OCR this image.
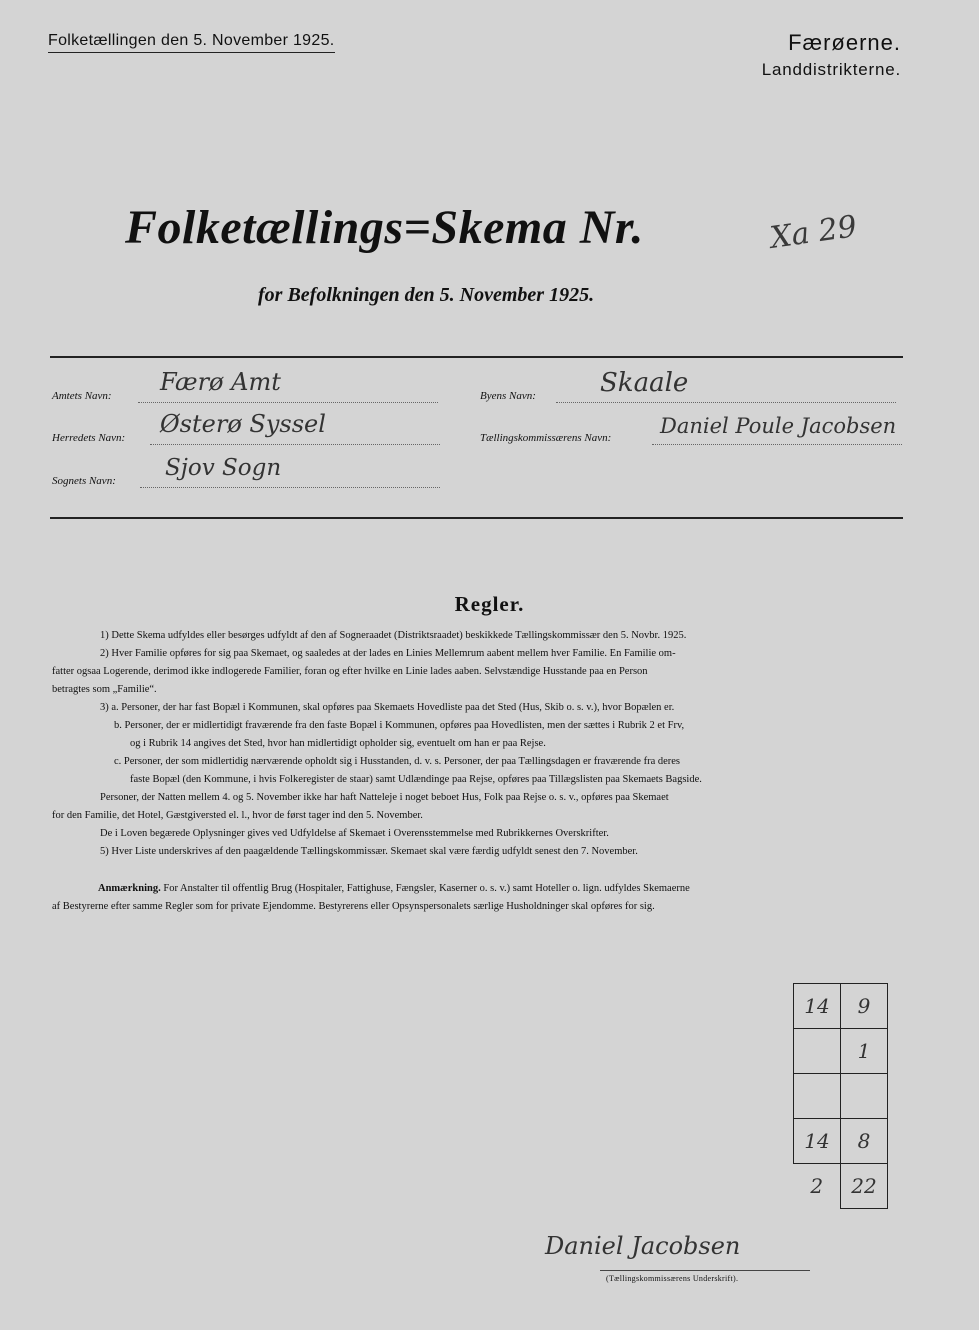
Folketællingen den 5. November 1925.	Færøerne.
Landdistrikterne.
Folketællings=Skema Nr.	Xa 29
for Befolkningen den 5. November 1925.
Amtets Navn: Færø Amt	Byens Navn: Skaale
Herredets Navn: Østerø Syssel	Tællingskommissærens Navn: Daniel Poule Jacobsen
Sognets Navn: Sjov Sogn
Regler.
1) Dette Skema udfyldes eller besørges udfyldt af den af Sogneraadet (Distriktsraadet) beskikkede Tællingskommissær den 5. Novbr. 1925.
2) Hver Familie opføres for sig paa Skemaet, og saaledes at der lades en Linies Mellemrum aabent mellem hver Familie. En Familie om-
fatter ogsaa Logerende, derimod ikke indlogerede Familier, foran og efter hvilke en Linie lades aaben. Selvstændige Husstande paa en Person
betragtes som „Familie“.
3) a. Personer, der har fast Bopæl i Kommunen, skal opføres paa Skemaets Hovedliste paa det Sted (Hus, Skib o. s. v.), hvor Bopælen er.
b. Personer, der er midlertidigt fraværende fra den faste Bopæl i Kommunen, opføres paa Hovedlisten, men der sættes i Rubrik 2 et Frv,
og i Rubrik 14 angives det Sted, hvor han midlertidigt opholder sig, eventuelt om han er paa Rejse.
c. Personer, der som midlertidig nærværende opholdt sig i Husstanden, d. v. s. Personer, der paa Tællingsdagen er fraværende fra deres
faste Bopæl (den Kommune, i hvis Folkeregister de staar) samt Udlændinge paa Rejse, opføres paa Tillægslisten paa Skemaets Bagside.
Personer, der Natten mellem 4. og 5. November ikke har haft Natteleje i noget beboet Hus, Folk paa Rejse o. s. v., opføres paa Skemaet
for den Familie, det Hotel, Gæstgiversted el. l., hvor de først tager ind den 5. November.
De i Loven begærede Oplysninger gives ved Udfyldelse af Skemaet i Overensstemmelse med Rubrikkernes Overskrifter.
5) Hver Liste underskrives af den paagældende Tællingskommissær. Skemaet skal være færdig udfyldt senest den 7. November.
Anmærkning. For Anstalter til offentlig Brug (Hospitaler, Fattighuse, Fængsler, Kaserner o. s. v.) samt Hoteller o. lign. udfyldes Skemaerne
af Bestyrerne efter samme Regler som for private Ejendomme. Bestyrerens eller Opsynspersonalets særlige Husholdninger skal opføres for sig.
14	9
	1

14	8
2	22
Daniel Jacobsen
(Tællingskommissærens Underskrift).
